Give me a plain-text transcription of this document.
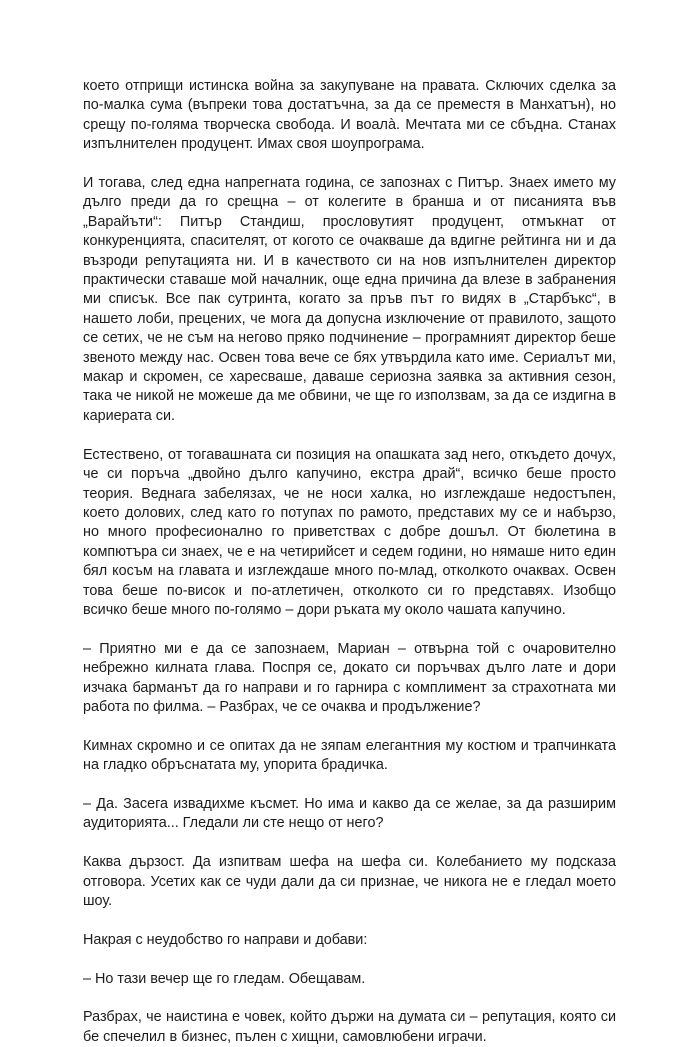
което отприщи истинска война за закупуване на правата. Сключих сделка за по-малка сума (въпреки това достатъчна, за да се преместя в Манхатън), но срещу по-голяма творческа свобода. И воалà. Мечтата ми се сбъдна. Станах изпълнителен продуцент. Имах своя шоупрограма.

И тогава, след една напрегната година, се запознах с Питър. Знаех името му дълго преди да го срещна – от колегите в бранша и от писанията във „Варайъти“: Питър Стандиш, прословутият продуцент, отмъкнат от конкуренцията, спасителят, от когото се очакваше да вдигне рейтинга ни и да възроди репутацията ни. И в качеството си на нов изпълнителен директор практически ставаше мой началник, още една причина да влезе в забранения ми списък. Все пак сутринта, когато за пръв път го видях в „Старбъкс“, в нашето лоби, прецених, че мога да допусна изключение от правилото, защото се сетих, че не съм на негово пряко подчинение – програмният директор беше звеното между нас. Освен това вече се бях утвърдила като име. Сериалът ми, макар и скромен, се харесваше, даваше сериозна заявка за активния сезон, така че никой не можеше да ме обвини, че ще го използвам, за да се издигна в кариерата си.

Естествено, от тогавашната си позиция на опашката зад него, откъдето дочух, че си поръча „двойно дълго капучино, екстра драй“, всичко беше просто теория. Веднага забелязах, че не носи халка, но изглеждаше недостъпен, което долових, след като го потупах по рамото, представих му се и набързо, но много професионално го приветствах с добре дошъл. От бюлетина в компютъра си знаех, че е на четирийсет и седем години, но нямаше нито един бял косъм на главата и изглеждаше много по-млад, отколкото очаквах. Освен това беше по-висок и по-атлетичен, отколкото си го представях. Изобщо всичко беше много по-голямо – дори ръката му около чашата капучино.

– Приятно ми е да се запознаем, Мариан – отвърна той с очаровително небрежно килната глава. Поспря се, докато си поръчвах дълго лате и дори изчака барманът да го направи и го гарнира с комплимент за страхотната ми работа по филма. – Разбрах, че се очаква и продължение?

Кимнах скромно и се опитах да не зяпам елегантния му костюм и трапчинката на гладко обръснатата му, упорита брадичка.

– Да. Засега извадихме късмет. Но има и какво да се желае, за да разширим аудиторията... Гледали ли сте нещо от него?

Каква дързост. Да изпитвам шефа на шефа си. Колебанието му подсказа отговора. Усетих как се чуди дали да си признае, че никога не е гледал моето шоу.

Накрая с неудобство го направи и добави:

– Но тази вечер ще го гледам. Обещавам.

Разбрах, че наистина е човек, който държи на думата си – репутация, която си бе спечелил в бизнес, пълен с хищни, самовлюбени играчи.
